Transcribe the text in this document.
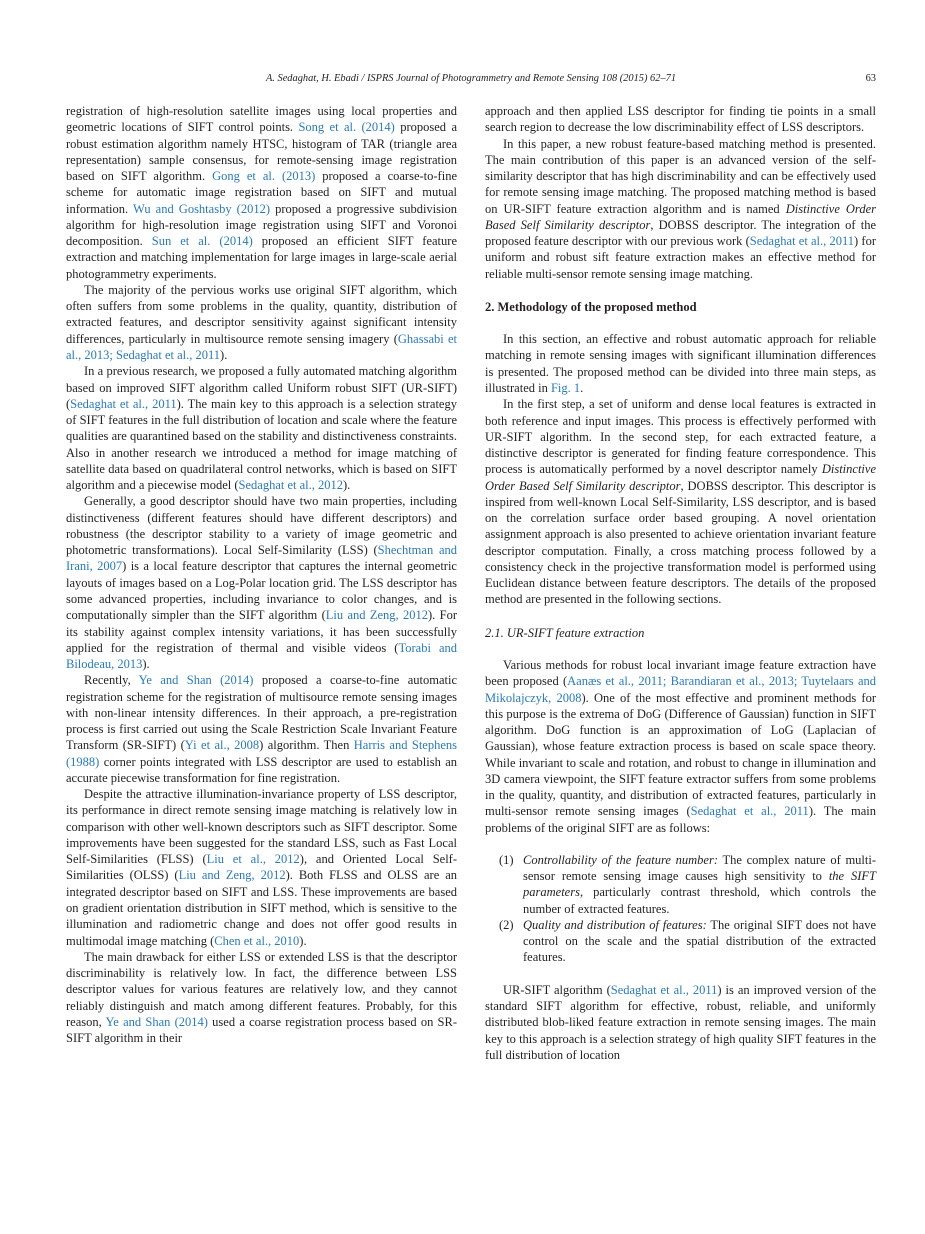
A. Sedaghat, H. Ebadi / ISPRS Journal of Photogrammetry and Remote Sensing 108 (2015) 62–71	63

registration of high-resolution satellite images using local properties and geometric locations of SIFT control points. Song et al. (2014) proposed a robust estimation algorithm namely HTSC, histogram of TAR (triangle area representation) sample consensus, for remote-sensing image registration based on SIFT algorithm. Gong et al. (2013) proposed a coarse-to-fine scheme for automatic image registration based on SIFT and mutual information. Wu and Goshtasby (2012) proposed a progressive subdivision algorithm for high-resolution image registration using SIFT and Voronoi decomposition. Sun et al. (2014) proposed an efficient SIFT feature extraction and matching implementation for large images in large-scale aerial photogrammetry experiments.

The majority of the pervious works use original SIFT algorithm, which often suffers from some problems in the quality, quantity, distribution of extracted features, and descriptor sensitivity against significant intensity differences, particularly in multisource remote sensing imagery (Ghassabi et al., 2013; Sedaghat et al., 2011).

In a previous research, we proposed a fully automated matching algorithm based on improved SIFT algorithm called Uniform robust SIFT (UR-SIFT) (Sedaghat et al., 2011). The main key to this approach is a selection strategy of SIFT features in the full distribution of location and scale where the feature qualities are quarantined based on the stability and distinctiveness constraints. Also in another research we introduced a method for image matching of satellite data based on quadrilateral control networks, which is based on SIFT algorithm and a piecewise model (Sedaghat et al., 2012).

Generally, a good descriptor should have two main properties, including distinctiveness (different features should have different descriptors) and robustness (the descriptor stability to a variety of image geometric and photometric transformations). Local Self-Similarity (LSS) (Shechtman and Irani, 2007) is a local feature descriptor that captures the internal geometric layouts of images based on a Log-Polar location grid. The LSS descriptor has some advanced properties, including invariance to color changes, and is computationally simpler than the SIFT algorithm (Liu and Zeng, 2012). For its stability against complex intensity variations, it has been successfully applied for the registration of thermal and visible videos (Torabi and Bilodeau, 2013).

Recently, Ye and Shan (2014) proposed a coarse-to-fine automatic registration scheme for the registration of multisource remote sensing images with non-linear intensity differences. In their approach, a pre-registration process is first carried out using the Scale Restriction Scale Invariant Feature Transform (SR-SIFT) (Yi et al., 2008) algorithm. Then Harris and Stephens (1988) corner points integrated with LSS descriptor are used to establish an accurate piecewise transformation for fine registration.

Despite the attractive illumination-invariance property of LSS descriptor, its performance in direct remote sensing image matching is relatively low in comparison with other well-known descriptors such as SIFT descriptor. Some improvements have been suggested for the standard LSS, such as Fast Local Self-Similarities (FLSS) (Liu et al., 2012), and Oriented Local Self-Similarities (OLSS) (Liu and Zeng, 2012). Both FLSS and OLSS are an integrated descriptor based on SIFT and LSS. These improvements are based on gradient orientation distribution in SIFT method, which is sensitive to the illumination and radiometric change and does not offer good results in multimodal image matching (Chen et al., 2010).

The main drawback for either LSS or extended LSS is that the descriptor discriminability is relatively low. In fact, the difference between LSS descriptor values for various features are relatively low, and they cannot reliably distinguish and match among different features. Probably, for this reason, Ye and Shan (2014) used a coarse registration process based on SR-SIFT algorithm in their

approach and then applied LSS descriptor for finding tie points in a small search region to decrease the low discriminability effect of LSS descriptors.

In this paper, a new robust feature-based matching method is presented. The main contribution of this paper is an advanced version of the self-similarity descriptor that has high discriminability and can be effectively used for remote sensing image matching. The proposed matching method is based on UR-SIFT feature extraction algorithm and is named Distinctive Order Based Self Similarity descriptor, DOBSS descriptor. The integration of the proposed feature descriptor with our previous work (Sedaghat et al., 2011) for uniform and robust sift feature extraction makes an effective method for reliable multi-sensor remote sensing image matching.

2. Methodology of the proposed method

In this section, an effective and robust automatic approach for reliable matching in remote sensing images with significant illumination differences is presented. The proposed method can be divided into three main steps, as illustrated in Fig. 1.

In the first step, a set of uniform and dense local features is extracted in both reference and input images. This process is effectively performed with UR-SIFT algorithm. In the second step, for each extracted feature, a distinctive descriptor is generated for finding feature correspondence. This process is automatically performed by a novel descriptor namely Distinctive Order Based Self Similarity descriptor, DOBSS descriptor. This descriptor is inspired from well-known Local Self-Similarity, LSS descriptor, and is based on the correlation surface order based grouping. A novel orientation assignment approach is also presented to achieve orientation invariant feature descriptor computation. Finally, a cross matching process followed by a consistency check in the projective transformation model is performed using Euclidean distance between feature descriptors. The details of the proposed method are presented in the following sections.

2.1. UR-SIFT feature extraction

Various methods for robust local invariant image feature extraction have been proposed (Aanæs et al., 2011; Barandiaran et al., 2013; Tuytelaars and Mikolajczyk, 2008). One of the most effective and prominent methods for this purpose is the extrema of DoG (Difference of Gaussian) function in SIFT algorithm. DoG function is an approximation of LoG (Laplacian of Gaussian), whose feature extraction process is based on scale space theory. While invariant to scale and rotation, and robust to change in illumination and 3D camera viewpoint, the SIFT feature extractor suffers from some problems in the quality, quantity, and distribution of extracted features, particularly in multi-sensor remote sensing images (Sedaghat et al., 2011). The main problems of the original SIFT are as follows:

(1) Controllability of the feature number: The complex nature of multi-sensor remote sensing image causes high sensitivity to the SIFT parameters, particularly contrast threshold, which controls the number of extracted features.
(2) Quality and distribution of features: The original SIFT does not have control on the scale and the spatial distribution of the extracted features.

UR-SIFT algorithm (Sedaghat et al., 2011) is an improved version of the standard SIFT algorithm for effective, robust, reliable, and uniformly distributed blob-liked feature extraction in remote sensing images. The main key to this approach is a selection strategy of high quality SIFT features in the full distribution of location
